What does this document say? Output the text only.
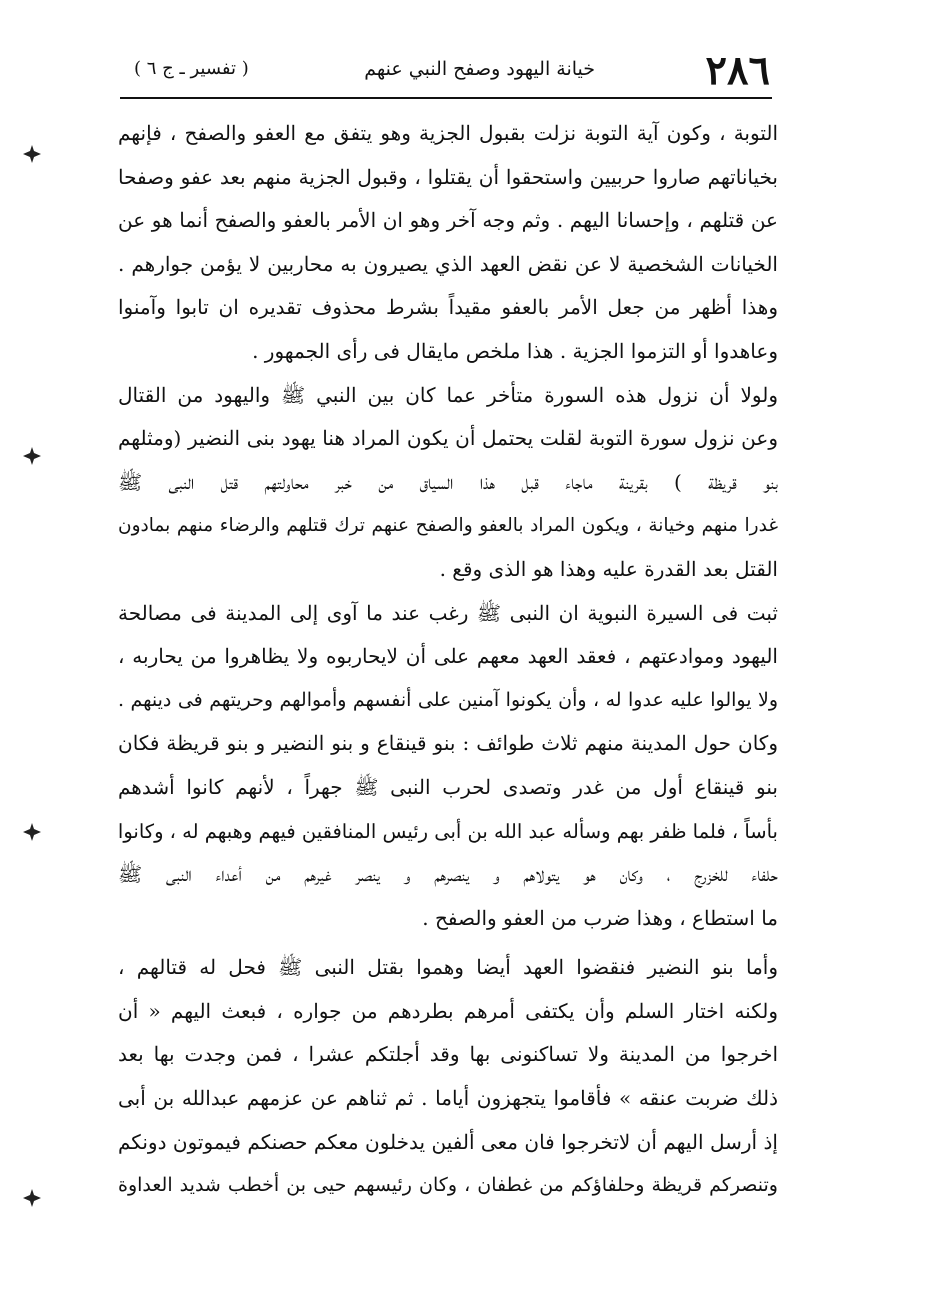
٢٨٦
خيانة اليهود وصفح النبي عنهم
( تفسير ـ ج ٦ )
التوبة ، وكون آية التوبة نزلت بقبول الجزية وهو يتفق مع العفو والصفح ، فإنهم
بخياناتهم صاروا حربيين واستحقوا أن يقتلوا ، وقبول الجزية منهم بعد عفو وصفحا
عن قتلهم ، وإحسانا اليهم . وثم وجه آخر وهو ان الأمر بالعفو والصفح أنما هو عن
الخيانات الشخصية لا عن نقض العهد الذي يصيرون به محاربين لا يؤمن جوارهم .
وهذا أظهر من جعل الأمر بالعفو مقيداً بشرط محذوف تقديره ان تابوا وآمنوا
وعاهدوا أو التزموا الجزية . هذا ملخص مايقال فى رأى الجمهور .
ولولا أن نزول هذه السورة متأخر عما كان بين النبي ﷺ واليهود من القتال
وعن نزول سورة التوبة لقلت يحتمل أن يكون المراد هنا يهود بنى النضير (ومثلهم
بنو قريظة ) بقرينة ماجاء قبل هذا السياق من خبر محاولتهم قتل النبى ﷺ
غدرا منهم وخيانة ، ويكون المراد بالعفو والصفح عنهم ترك قتلهم والرضاء منهم بمادون
القتل بعد القدرة عليه وهذا هو الذى وقع .
ثبت فى السيرة النبوية ان النبى ﷺ رغب عند ما آوى إلى المدينة فى مصالحة
اليهود وموادعتهم ، فعقد العهد معهم على أن لايحاربوه ولا يظاهروا من يحاربه ،
ولا يوالوا عليه عدوا له ، وأن يكونوا آمنين على أنفسهم وأموالهم وحريتهم فى دينهم .
وكان حول المدينة منهم ثلاث طوائف : بنو قينقاع و بنو النضير و بنو قريظة فكان
بنو قينقاع أول من غدر وتصدى لحرب النبى ﷺ جهراً ، لأنهم كانوا أشدهم
بأساً ، فلما ظفر بهم وسأله عبد الله بن أبى رئيس المنافقين فيهم وهبهم له ، وكانوا
حلفاء للخزرج ، وكان هو يتولاهم و ينصرهم و ينصر غيرهم من أعداء النبى ﷺ
ما استطاع ، وهذا ضرب من العفو والصفح .
وأما بنو النضير فنقضوا العهد أيضا وهموا بقتل النبى ﷺ فحل له قتالهم ،
ولكنه اختار السلم وأن يكتفى أمرهم بطردهم من جواره ، فبعث اليهم « أن
اخرجوا من المدينة ولا تساكنونى بها وقد أجلتكم عشرا ، فمن وجدت بها بعد
ذلك ضربت عنقه » فأقاموا يتجهزون أياما . ثم ثناهم عن عزمهم عبدالله بن أبى
إذ أرسل اليهم أن لاتخرجوا فان معى ألفين يدخلون معكم حصنكم فيموتون دونكم
وتنصركم قريظة وحلفاؤكم من غطفان ، وكان رئيسهم حيى بن أخطب شديد العداوة
